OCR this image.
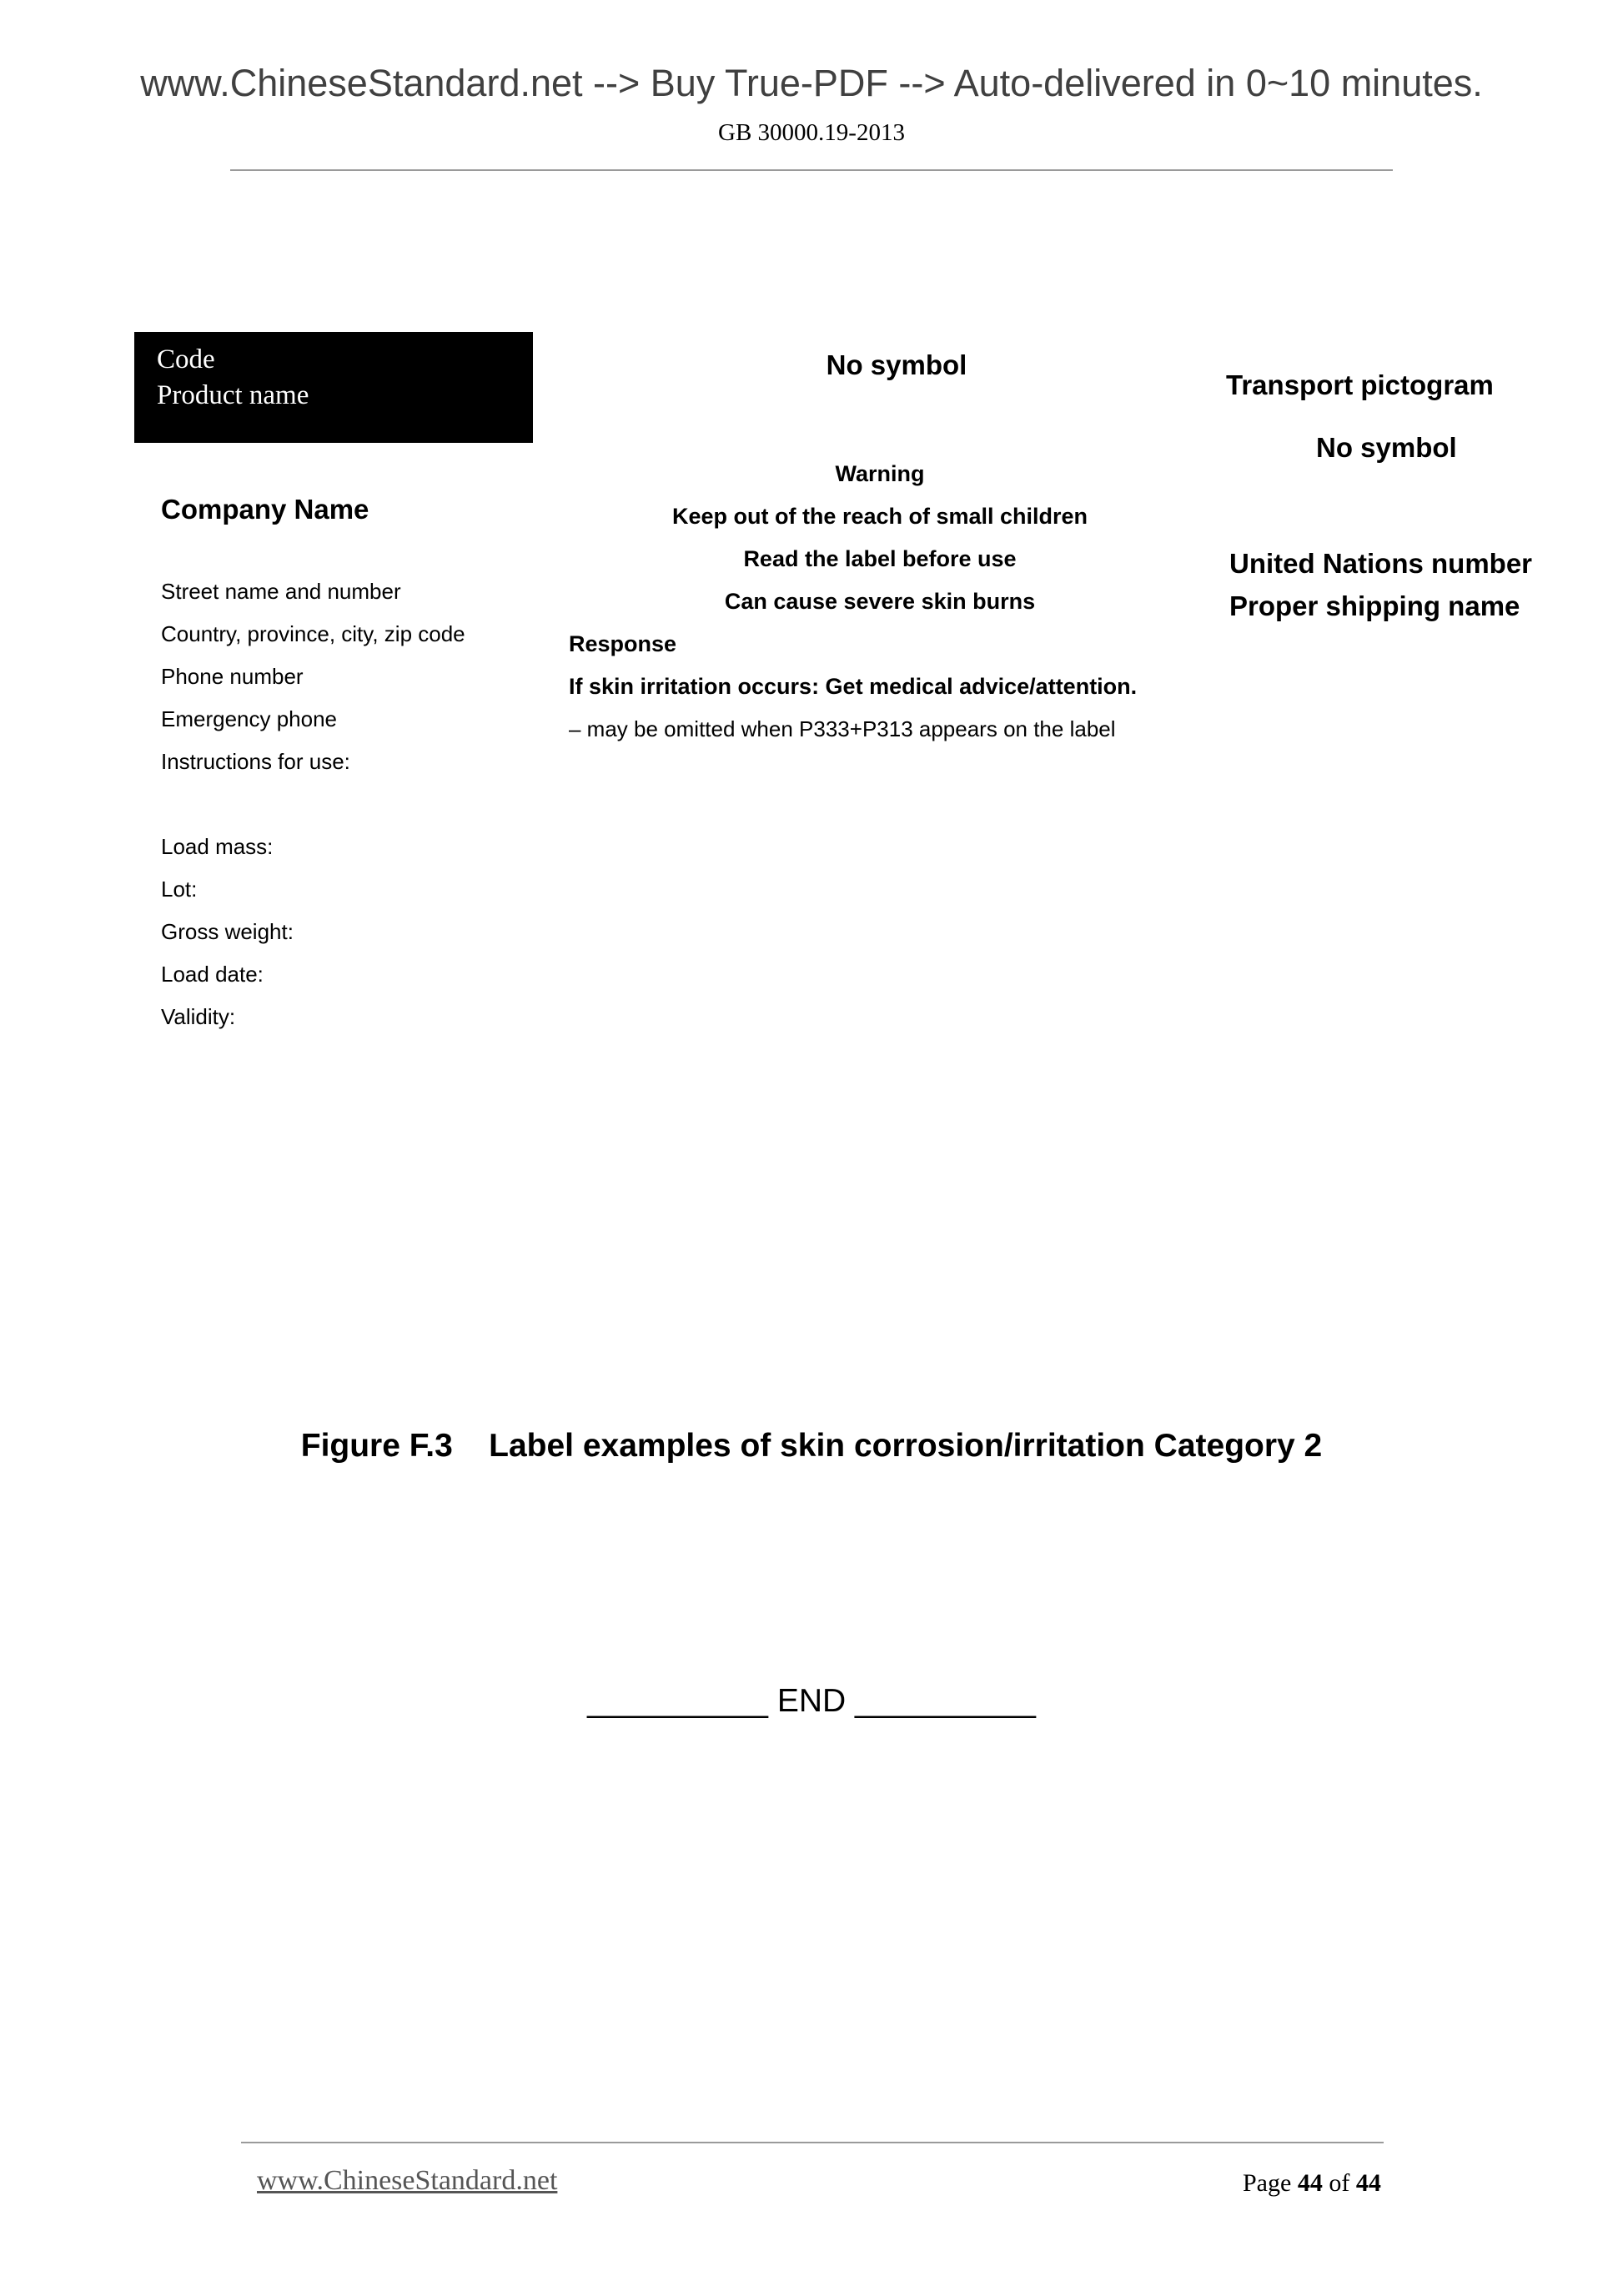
www.ChineseStandard.net --> Buy True-PDF --> Auto-delivered in 0~10 minutes.
GB 30000.19-2013
Code
Product name
Company Name
Street name and number
Country, province, city, zip code
Phone number
Emergency phone
Instructions for use:
Load mass:
Lot:
Gross weight:
Load date:
Validity:
No symbol
Warning
Keep out of the reach of small children
Read the label before use
Can cause severe skin burns
Response
If skin irritation occurs: Get medical advice/attention.
– may be omitted when P333+P313 appears on the label
Transport pictogram
No symbol
United Nations number
Proper shipping name
Figure F.3    Label examples of skin corrosion/irritation Category 2
__________ END __________
www.ChineseStandard.net	Page 44 of 44
